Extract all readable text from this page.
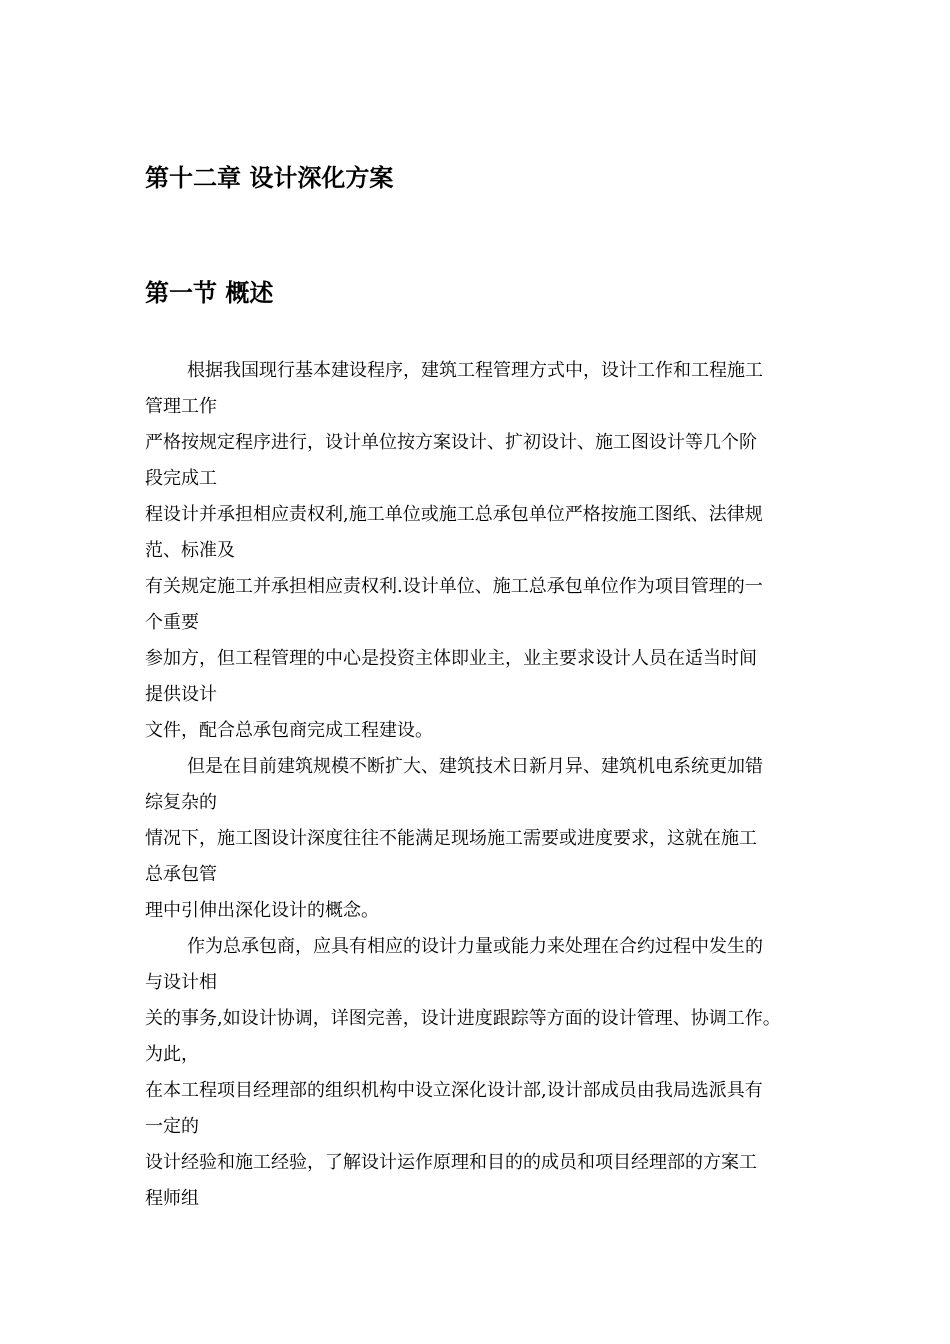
第十二章 设计深化方案
第一节 概述

根据我国现行基本建设程序，建筑工程管理方式中，设计工作和工程施工

管理工作

严格按规定程序进行，设计单位按方案设计、扩初设计、施工图设计等几个阶

段完成工

程设计并承担相应责权利,施工单位或施工总承包单位严格按施工图纸、法律规

范、标准及

有关规定施工并承担相应责权利.设计单位、施工总承包单位作为项目管理的一

个重要

参加方，但工程管理的中心是投资主体即业主，业主要求设计人员在适当时间

提供设计

文件，配合总承包商完成工程建设。

但是在目前建筑规模不断扩大、建筑技术日新月异、建筑机电系统更加错

综复杂的

情况下，施工图设计深度往往不能满足现场施工需要或进度要求，这就在施工

总承包管

理中引伸出深化设计的概念。

作为总承包商，应具有相应的设计力量或能力来处理在合约过程中发生的

与设计相

关的事务,如设计协调，详图完善，设计进度跟踪等方面的设计管理、协调工作。

为此，

在本工程项目经理部的组织机构中设立深化设计部,设计部成员由我局选派具有

一定的

设计经验和施工经验，了解设计运作原理和目的的成员和项目经理部的方案工

程师组
